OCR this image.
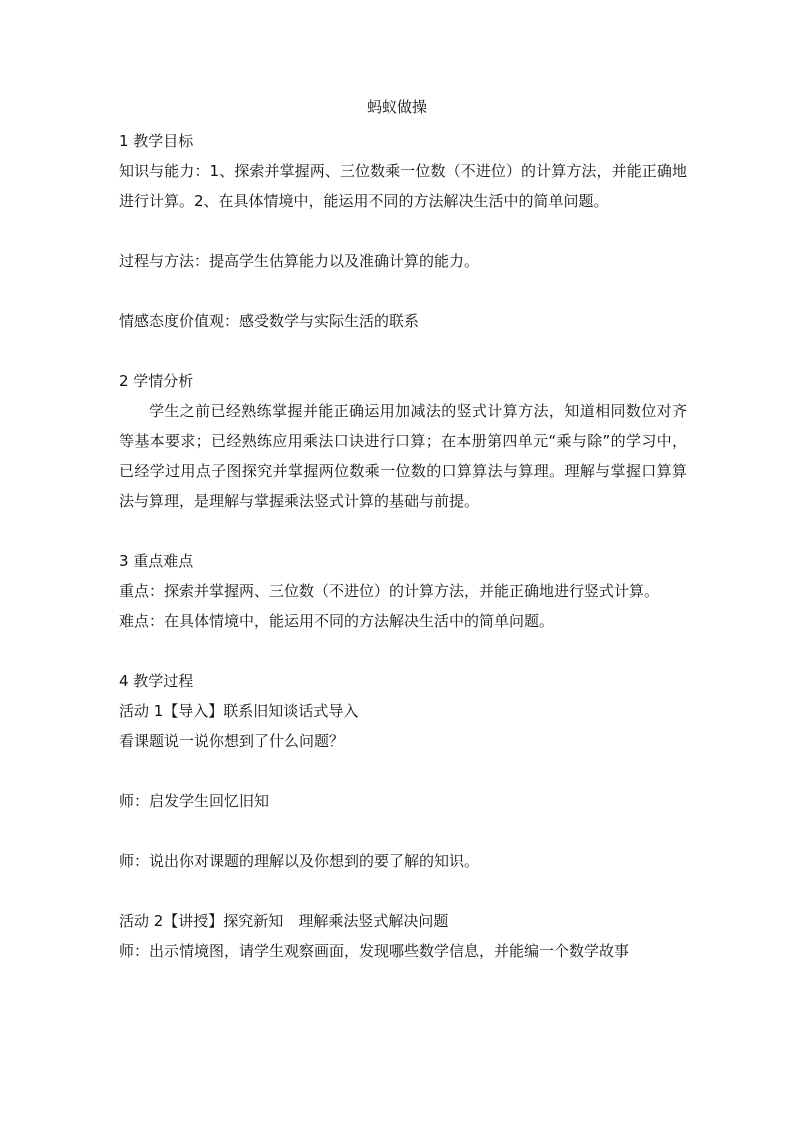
蚂蚁做操

1 教学目标

知识与能力：1、探索并掌握两、三位数乘一位数（不进位）的计算方法，并能正确地进行计算。2、在具体情境中，能运用不同的方法解决生活中的简单问题。

过程与方法：提高学生估算能力以及准确计算的能力。

情感态度价值观：感受数学与实际生活的联系

2 学情分析

学生之前已经熟练掌握并能正确运用加减法的竖式计算方法，知道相同数位对齐等基本要求；已经熟练应用乘法口诀进行口算；在本册第四单元“乘与除”的学习中，已经学过用点子图探究并掌握两位数乘一位数的口算算法与算理。理解与掌握口算算法与算理，是理解与掌握乘法竖式计算的基础与前提。

3 重点难点

重点：探索并掌握两、三位数（不进位）的计算方法，并能正确地进行竖式计算。

难点：在具体情境中，能运用不同的方法解决生活中的简单问题。

4 教学过程

活动 1【导入】联系旧知谈话式导入

看课题说一说你想到了什么问题？

师：启发学生回忆旧知

师：说出你对课题的理解以及你想到的要了解的知识。

活动 2【讲授】探究新知　理解乘法竖式解决问题

师：出示情境图，请学生观察画面，发现哪些数学信息，并能编一个数学故事
